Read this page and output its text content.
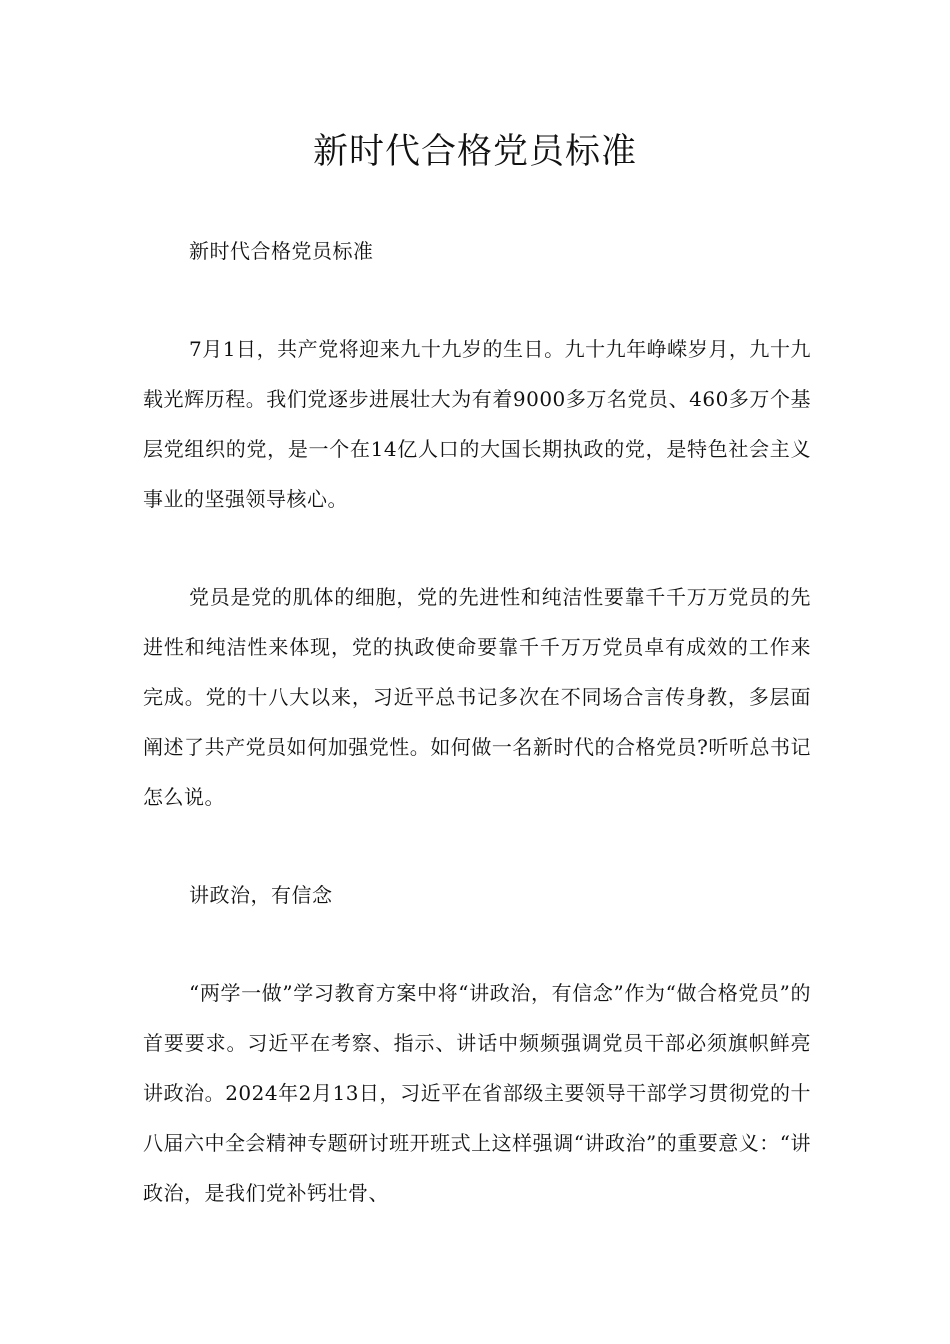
新时代合格党员标准

新时代合格党员标准

7月1日，共产党将迎来九十九岁的生日。九十九年峥嵘岁月，九十九载光辉历程。我们党逐步进展壮大为有着9000多万名党员、460多万个基层党组织的党，是一个在14亿人口的大国长期执政的党，是特色社会主义事业的坚强领导核心。

党员是党的肌体的细胞，党的先进性和纯洁性要靠千千万万党员的先进性和纯洁性来体现，党的执政使命要靠千千万万党员卓有成效的工作来完成。党的十八大以来，习近平总书记多次在不同场合言传身教，多层面阐述了共产党员如何加强党性。如何做一名新时代的合格党员?听听总书记怎么说。

讲政治，有信念

“两学一做”学习教育方案中将“讲政治，有信念”作为“做合格党员”的首要要求。习近平在考察、指示、讲话中频频强调党员干部必须旗帜鲜亮讲政治。2024年2月13日，习近平在省部级主要领导干部学习贯彻党的十八届六中全会精神专题研讨班开班式上这样强调“讲政治”的重要意义：“讲政治，是我们党补钙壮骨、
